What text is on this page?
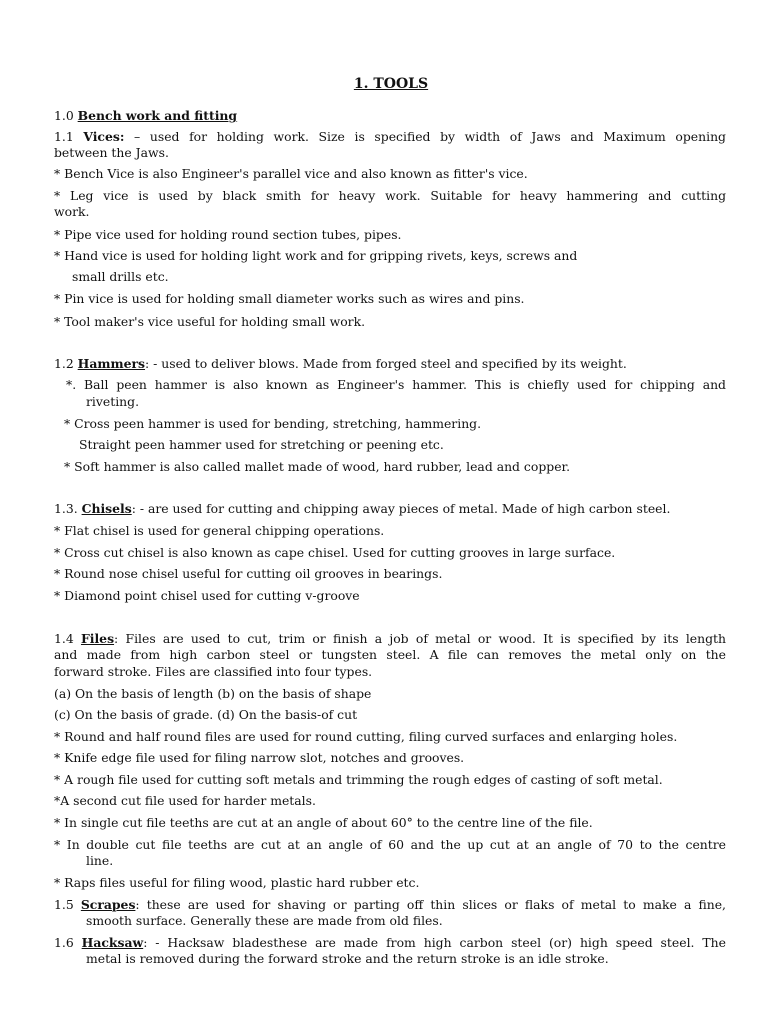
1. TOOLS
1.0 Bench work and fitting
1.1 Vices: – used for holding work. Size is specified by width of Jaws and Maximum opening
between the Jaws.
* Bench Vice is also Engineer's parallel vice and also known as fitter's vice.
* Leg vice is used by black smith for heavy work. Suitable for heavy hammering and cutting
work.
* Pipe vice used for holding round section tubes, pipes.
* Hand vice is used for holding light work and for gripping rivets, keys, screws and
small drills etc.
* Pin vice is used for holding small diameter works such as wires and pins.
* Tool maker's vice useful for holding small work.
1.2 Hammers: - used to deliver blows. Made from forged steel and specified by its weight.
*. Ball peen hammer is also known as Engineer's hammer. This is chiefly used for chipping and
riveting.
* Cross peen hammer is used for bending, stretching, hammering.
Straight peen hammer used for stretching or peening etc.
* Soft hammer is also called mallet made of wood, hard rubber, lead and copper.
1.3. Chisels: - are used for cutting and chipping away pieces of metal. Made of high carbon steel.
* Flat chisel is used for general chipping operations.
* Cross cut chisel is also known as cape chisel. Used for cutting grooves in large surface.
* Round nose chisel useful for cutting oil grooves in bearings.
* Diamond point chisel used for cutting v-groove
1.4 Files: Files are used to cut, trim or finish a job of metal or wood. It is specified by its length
and made from high carbon steel or tungsten steel. A file can removes the metal only on the
forward stroke. Files are classified into four types.
(a) On the basis of length (b) on the basis of shape
(c) On the basis of grade. (d) On the basis-of cut
* Round and half round files are used for round cutting, filing curved surfaces and enlarging holes.
* Knife edge file used for filing narrow slot, notches and grooves.
* A rough file used for cutting soft metals and trimming the rough edges of casting of soft metal.
*A second cut file used for harder metals.
* In single cut file teeths are cut at an angle of about 60° to the centre line of the file.
* In double cut file teeths are cut at an angle of 60 and the up cut at an angle of 70 to the centre
line.
* Raps files useful for filing wood, plastic hard rubber etc.
1.5 Scrapes: these are used for shaving or parting off thin slices or flaks of metal to make a fine,
smooth surface. Generally these are made from old files.
1.6 Hacksaw: - Hacksaw bladesthese are made from high carbon steel (or) high speed steel. The
metal is removed during the forward stroke and the return stroke is an idle stroke.
